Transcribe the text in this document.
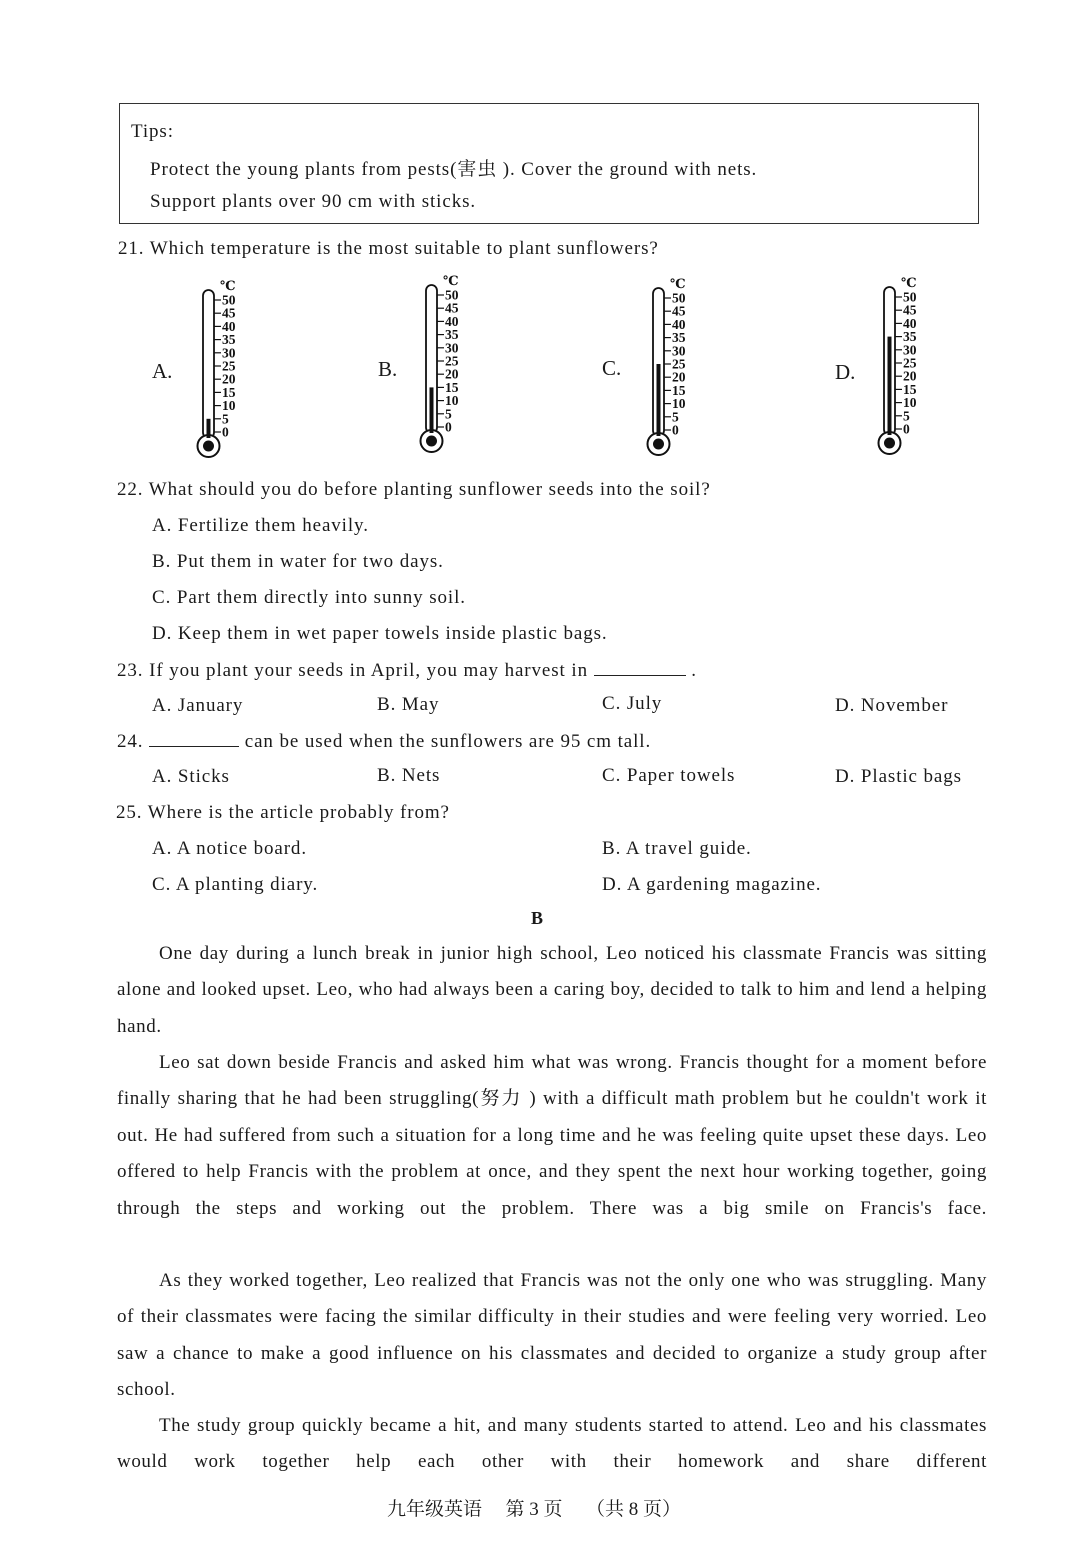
Tips:
Protect the young plants from pests(害虫 ). Cover the ground with nets.
Support plants over 90 cm with sticks.
21. Which temperature is the most suitable to plant sunflowers?
A.	B.	C.	D.
50
45
40
35
30
25
20
15
10
5
0
℃
50
45
40
35
30
25
20
15
10
5
0
℃
50
45
40
35
30
25
20
15
10
5
0
℃
50
45
40
35
30
25
20
15
10
5
0
℃
22. What should you do before planting sunflower seeds into the soil?
A. Fertilize them heavily.
B. Put them in water for two days.
C. Part them directly into sunny soil.
D. Keep them in wet paper towels inside plastic bags.
23. If you plant your seeds in April, you may harvest in	.
A. January	B. May	C. July	D. November
24.	can be used when the sunflowers are 95 cm tall.
A. Sticks	B. Nets	C. Paper towels	D. Plastic bags
25. Where is the article probably from?
A. A notice board.	B. A travel guide.
C. A planting diary.	D. A gardening magazine.
B
One day during a lunch break in junior high school, Leo noticed his classmate Francis was sitting alone and looked upset. Leo, who had always been a caring boy, decided to talk to him and lend a helping hand.
Leo sat down beside Francis and asked him what was wrong. Francis thought for a moment before finally sharing that he had been struggling(努力 ) with a difficult math problem but he couldn't work it out. He had suffered from such a situation for a long time and he was feeling quite upset these days. Leo offered to help Francis with the problem at once, and they spent the next hour working together, going through the steps and working out the problem. There was a big smile on Francis's face.
As they worked together, Leo realized that Francis was not the only one who was struggling. Many of their classmates were facing the similar difficulty in their studies and were feeling very worried. Leo saw a chance to make a good influence on his classmates and decided to organize a study group after school.
The study group quickly became a hit, and many students started to attend. Leo and his classmates would work together help each other with their homework and share different
九年级英语 第 3 页 （共 8 页）
